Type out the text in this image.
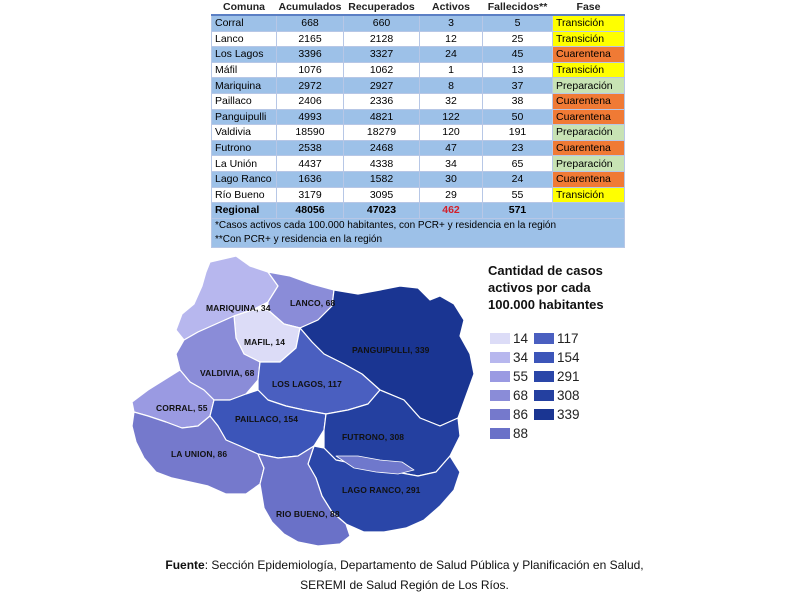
Comuna	Acumulados	Recuperados	Activos	Fallecidos**	Fase
Corral	668	660	3	5	Transición
Lanco	2165	2128	12	25	Transición
Los Lagos	3396	3327	24	45	Cuarentena
Máfil	1076	1062	1	13	Transición
Mariquina	2972	2927	8	37	Preparación
Paillaco	2406	2336	32	38	Cuarentena
Panguipulli	4993	4821	122	50	Cuarentena
Valdivia	18590	18279	120	191	Preparación
Futrono	2538	2468	47	23	Cuarentena
La Unión	4437	4338	34	65	Preparación
Lago Ranco	1636	1582	30	24	Cuarentena
Río Bueno	3179	3095	29	55	Transición
Regional	48056	47023	462	571	

*Casos activos cada 100.000 habitantes, con PCR+ y residencia en la región
**Con PCR+ y residencia en la región					
MARIQUINA, 34 LANCO, 68
MAFIL, 14
PANGUIPULLI, 339
VALDIVIA, 68
LOS LAGOS, 117
CORRAL, 55
PAILLACO, 154
FUTRONO, 308
LA UNION, 86
LAGO RANCO, 291
RIO BUENO, 88
Cantidad de casos activos por cada 100.000 habitantes
14
34
55
68
86
88
117
154
291
308
339
Fuente: Sección Epidemiología, Departamento de Salud Pública y Planificación en Salud,
SEREMI de Salud Región de Los Ríos.
